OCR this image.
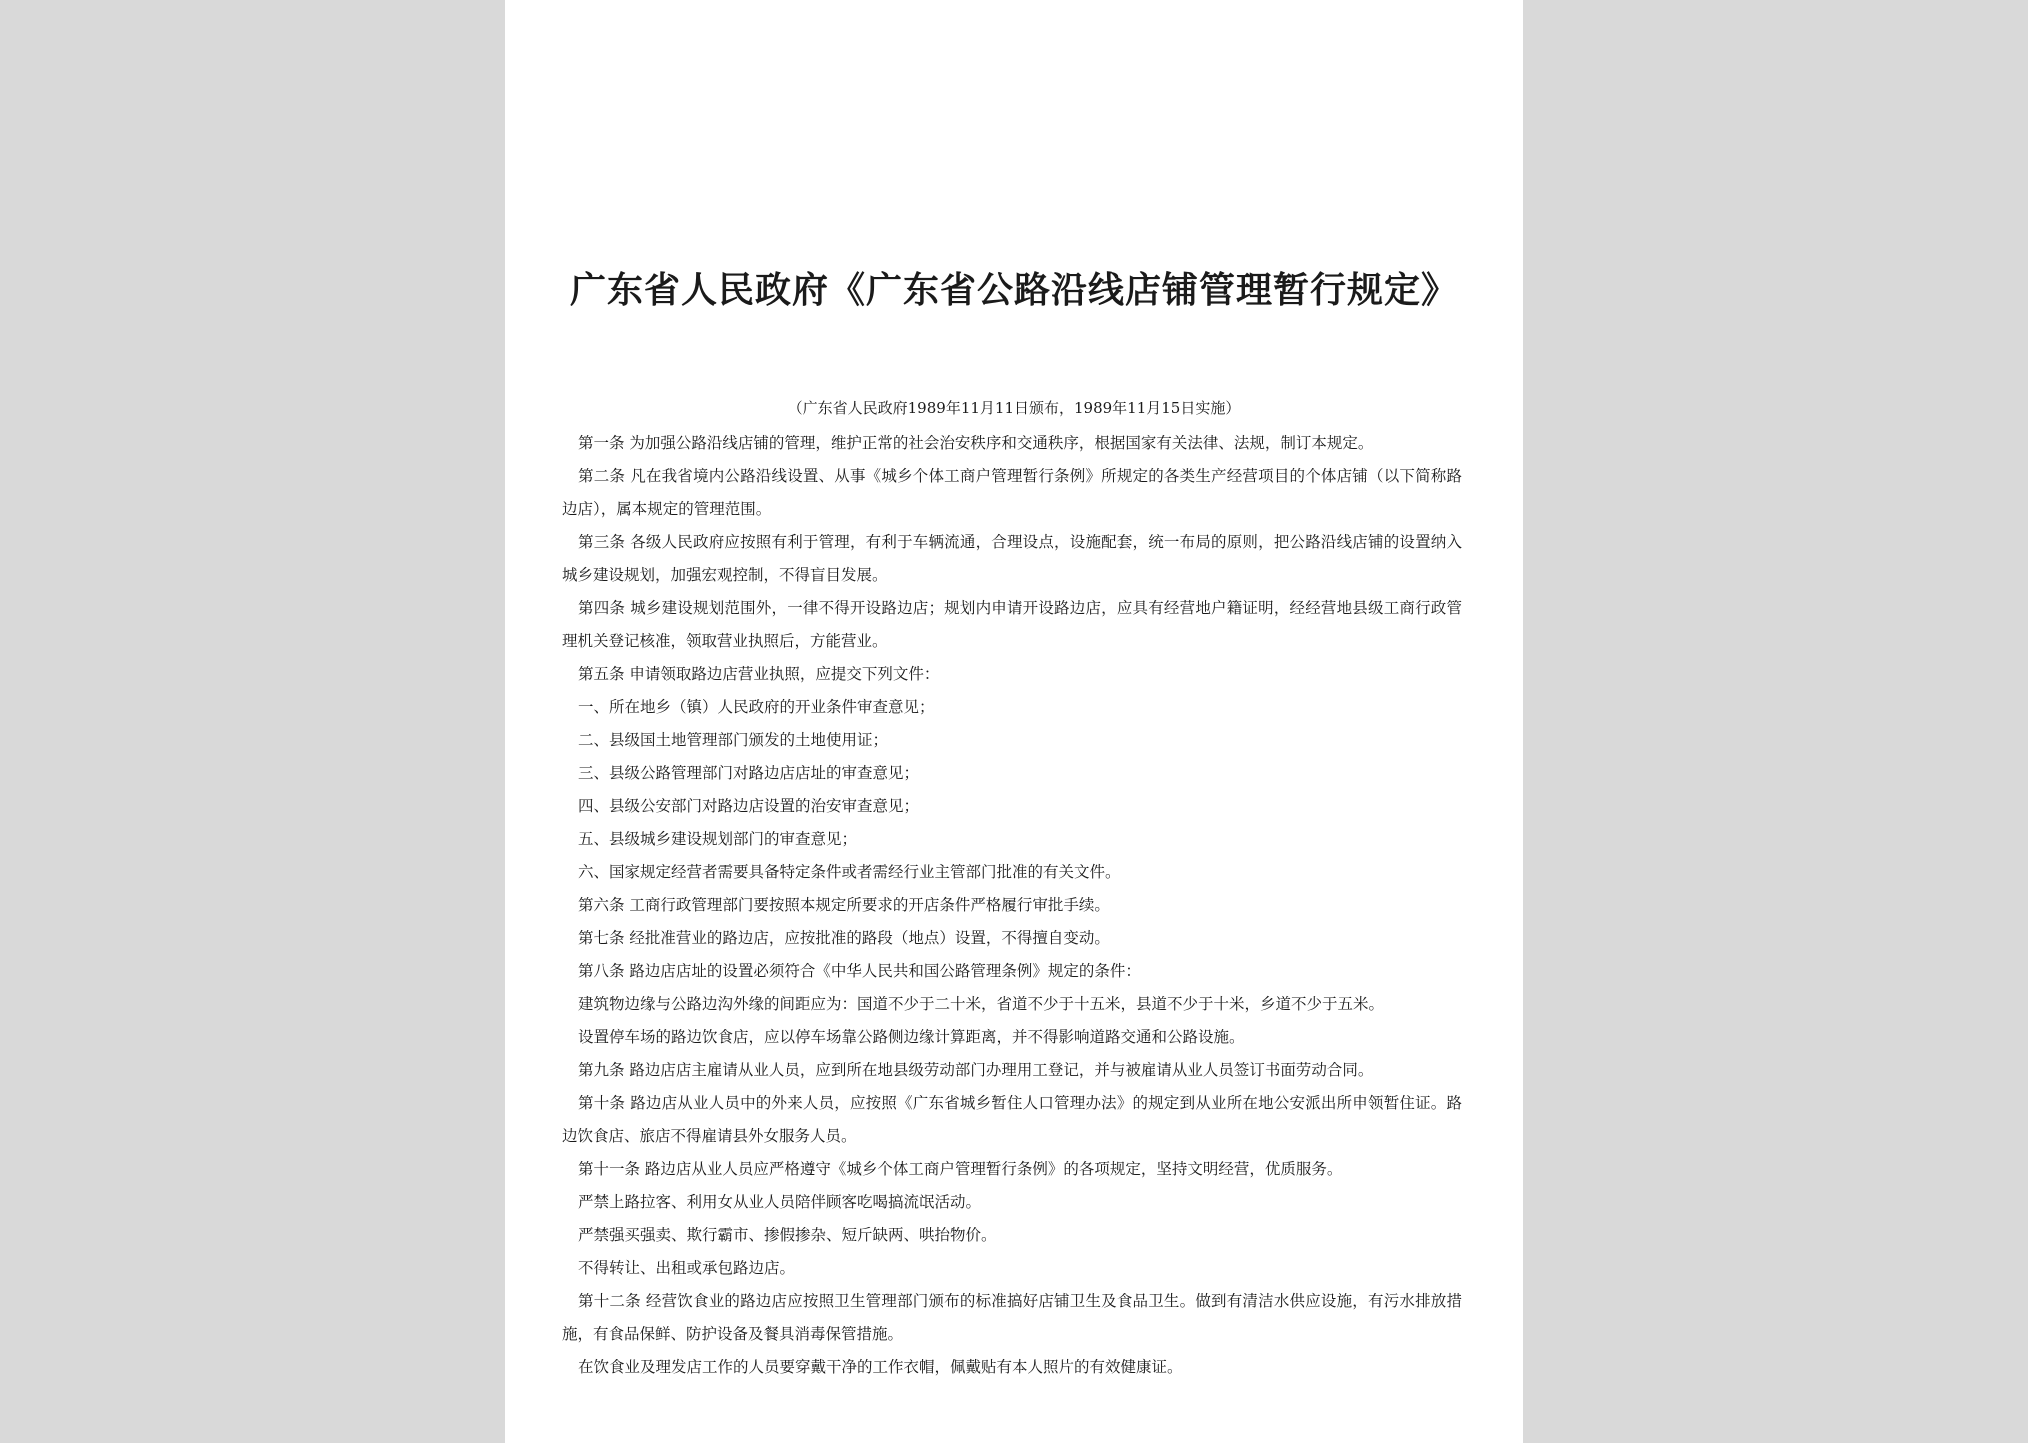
广东省人民政府《广东省公路沿线店铺管理暂行规定》
（广东省人民政府1989年11月11日颁布，1989年11月15日实施）

第一条 为加强公路沿线店铺的管理，维护正常的社会治安秩序和交通秩序，根据国家有关法律、法规，制订本规定。

第二条 凡在我省境内公路沿线设置、从事《城乡个体工商户管理暂行条例》所规定的各类生产经营项目的个体店铺（以下简称路边店），属本规定的管理范围。

第三条 各级人民政府应按照有利于管理，有利于车辆流通，合理设点，设施配套，统一布局的原则，把公路沿线店铺的设置纳入城乡建设规划，加强宏观控制，不得盲目发展。

第四条 城乡建设规划范围外，一律不得开设路边店；规划内申请开设路边店，应具有经营地户籍证明，经经营地县级工商行政管理机关登记核准，领取营业执照后，方能营业。

第五条 申请领取路边店营业执照，应提交下列文件：

一、所在地乡（镇）人民政府的开业条件审查意见；

二、县级国土地管理部门颁发的土地使用证；

三、县级公路管理部门对路边店店址的审查意见；

四、县级公安部门对路边店设置的治安审查意见；

五、县级城乡建设规划部门的审查意见；

六、国家规定经营者需要具备特定条件或者需经行业主管部门批准的有关文件。

第六条 工商行政管理部门要按照本规定所要求的开店条件严格履行审批手续。

第七条 经批准营业的路边店，应按批准的路段（地点）设置，不得擅自变动。

第八条 路边店店址的设置必须符合《中华人民共和国公路管理条例》规定的条件：

建筑物边缘与公路边沟外缘的间距应为：国道不少于二十米，省道不少于十五米，县道不少于十米，乡道不少于五米。

设置停车场的路边饮食店，应以停车场靠公路侧边缘计算距离，并不得影响道路交通和公路设施。

第九条 路边店店主雇请从业人员，应到所在地县级劳动部门办理用工登记，并与被雇请从业人员签订书面劳动合同。

第十条 路边店从业人员中的外来人员，应按照《广东省城乡暂住人口管理办法》的规定到从业所在地公安派出所申领暂住证。路边饮食店、旅店不得雇请县外女服务人员。

第十一条 路边店从业人员应严格遵守《城乡个体工商户管理暂行条例》的各项规定，坚持文明经营，优质服务。

严禁上路拉客、利用女从业人员陪伴顾客吃喝搞流氓活动。

严禁强买强卖、欺行霸市、掺假掺杂、短斤缺两、哄抬物价。

不得转让、出租或承包路边店。

第十二条 经营饮食业的路边店应按照卫生管理部门颁布的标准搞好店铺卫生及食品卫生。做到有清洁水供应设施，有污水排放措施，有食品保鲜、防护设备及餐具消毒保管措施。

在饮食业及理发店工作的人员要穿戴干净的工作衣帽，佩戴贴有本人照片的有效健康证。
